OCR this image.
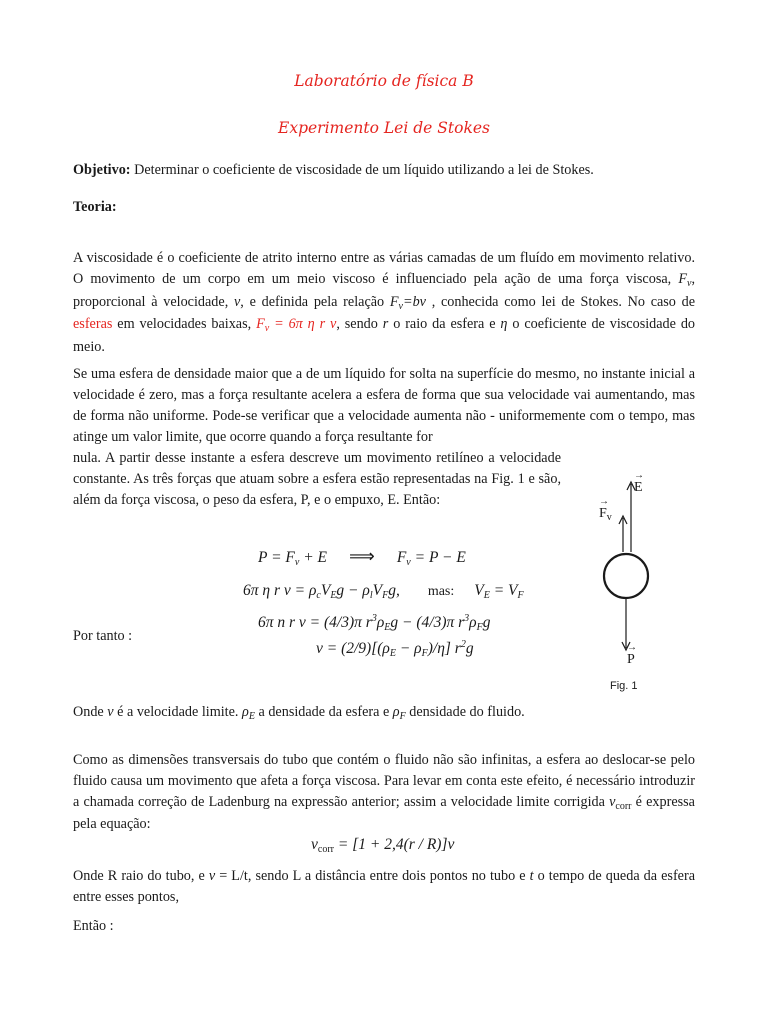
Laboratório de física B
Experimento Lei de Stokes

Objetivo: Determinar o coeficiente de viscosidade de um líquido utilizando a lei de Stokes.

Teoria:

A viscosidade é o coeficiente de atrito interno entre as várias camadas de um fluído em movimento relativo. O movimento de um corpo em um meio viscoso é influenciado pela ação de uma força viscosa, $F_v$, proporcional à velocidade, v, e definida pela relação $F_v=bv$ , conhecida como lei de Stokes. No caso de esferas em velocidades baixas, $F_v = 6\pi$ η r v, sendo r o raio da esfera e η o coeficiente de viscosidade do meio.

Se uma esfera de densidade maior que a de um líquido for solta na superfície do mesmo, no instante inicial a velocidade é zero, mas a força resultante acelera a esfera de forma que sua velocidade vai aumentando, mas de forma não uniforme. Pode-se verificar que a velocidade aumenta não - uniformemente com o tempo, mas atinge um valor limite, que ocorre quando a força resultante for

nula. A partir desse instante a esfera descreve um movimento retilíneo a velocidade constante. As três forças que atuam sobre a esfera estão representadas na Fig. 1 e são, além da força viscosa, o peso da esfera, P, e o empuxo, E. Então:

$P = F_v + E$ ⟹ $F_v = P - E$
6π η r $v = \rho_cV_Eg - \rho_lV_Fg$, mas: $V_E = V_F$
6π n r v = (4/3)π $r^3\rho_Eg - (4/3)\pi$ $r^3\rho_Fg$
Por tanto :
$v = (2/9)[(\rho_E - \rho_F)/\eta]$ $r^2g$
→
E
→
$F_v$
→
P
Fig. 1

Onde v é a velocidade limite. $\rho_E$ a densidade da esfera e $\rho_F$ densidade do fluido.

Como as dimensões transversais do tubo que contém o fluido não são infinitas, a esfera ao deslocar-se pelo fluido causa um movimento que afeta a força viscosa. Para levar em conta este efeito, é necessário introduzir a chamada correção de Ladenburg na expressão anterior; assim a velocidade limite corrigida $v_{corr}$ é expressa pela equação:

$v_{corr} = [1 + 2,4(r / R)]v$

Onde R raio do tubo, e v = L/t, sendo L a distância entre dois pontos no tubo e t o tempo de queda da esfera entre esses pontos,

Então :
